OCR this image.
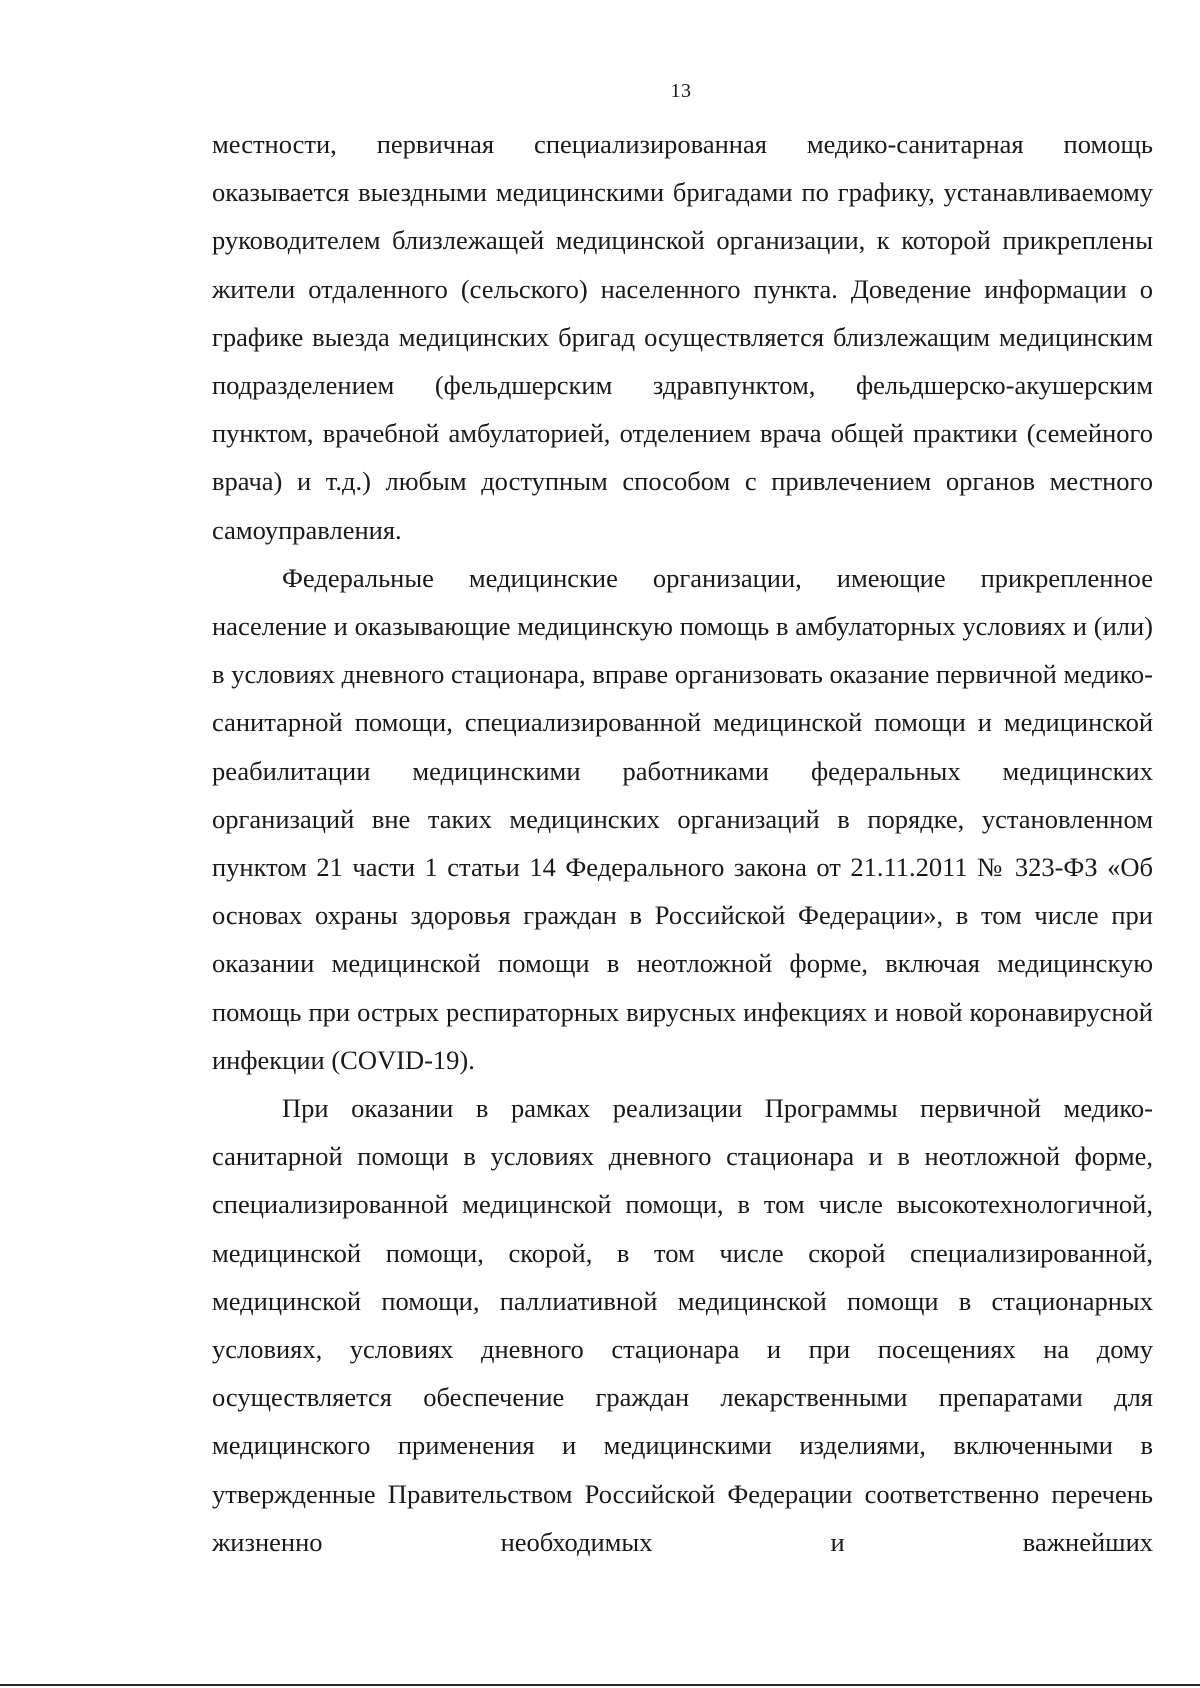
13

местности, первичная специализированная медико-санитарная помощь оказывается выездными медицинскими бригадами по графику, устанавливаемому руководителем близлежащей медицинской организации, к которой прикреплены жители отдаленного (сельского) населенного пункта. Доведение информации о графике выезда медицинских бригад осуществляется близлежащим медицинским подразделением (фельдшерским здравпунктом, фельдшерско-акушерским пунктом, врачебной амбулаторией, отделением врача общей практики (семейного врача) и т.д.) любым доступным способом с привлечением органов местного самоуправления.

Федеральные медицинские организации, имеющие прикрепленное население и оказывающие медицинскую помощь в амбулаторных условиях и (или) в условиях дневного стационара, вправе организовать оказание первичной медико-санитарной помощи, специализированной медицинской помощи и медицинской реабилитации медицинскими работниками федеральных медицинских организаций вне таких медицинских организаций в порядке, установленном пунктом 21 части 1 статьи 14 Федерального закона от 21.11.2011 № 323-ФЗ «Об основах охраны здоровья граждан в Российской Федерации», в том числе при оказании медицинской помощи в неотложной форме, включая медицинскую помощь при острых респираторных вирусных инфекциях и новой коронавирусной инфекции (COVID-19).

При оказании в рамках реализации Программы первичной медико-санитарной помощи в условиях дневного стационара и в неотложной форме, специализированной медицинской помощи, в том числе высокотехнологичной, медицинской помощи, скорой, в том числе скорой специализированной, медицинской помощи, паллиативной медицинской помощи в стационарных условиях, условиях дневного стационара и при посещениях на дому осуществляется обеспечение граждан лекарственными препаратами для медицинского применения и медицинскими изделиями, включенными в утвержденные Правительством Российской Федерации соответственно перечень жизненно необходимых и важнейших
